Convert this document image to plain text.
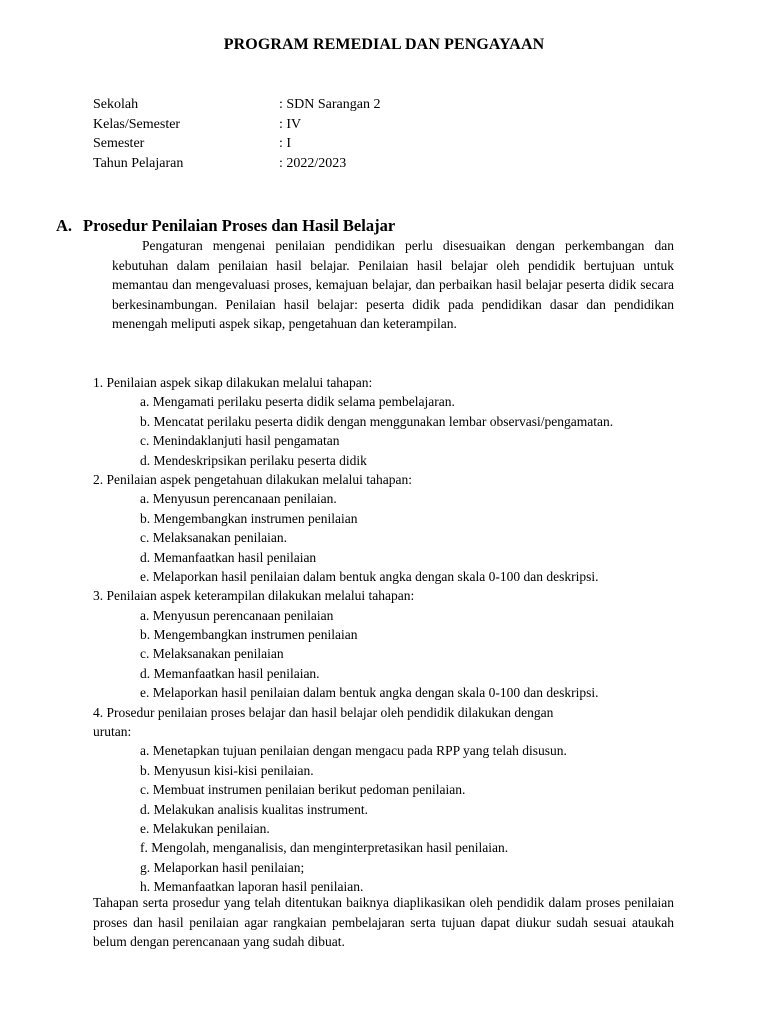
PROGRAM REMEDIAL DAN PENGAYAAN
Sekolah	: SDN Sarangan 2
Kelas/Semester	: IV
Semester	: I
Tahun Pelajaran	: 2022/2023
A. Prosedur Penilaian Proses dan Hasil Belajar
Pengaturan mengenai penilaian pendidikan perlu disesuaikan dengan perkembangan dan kebutuhan dalam penilaian hasil belajar. Penilaian hasil belajar oleh pendidik bertujuan untuk memantau dan mengevaluasi proses, kemajuan belajar, dan perbaikan hasil belajar peserta didik secara berkesinambungan. Penilaian hasil belajar: peserta didik pada pendidikan dasar dan pendidikan menengah meliputi aspek sikap, pengetahuan dan keterampilan.
1. Penilaian aspek sikap dilakukan melalui tahapan:
a. Mengamati perilaku peserta didik selama pembelajaran.
b. Mencatat perilaku peserta didik dengan menggunakan lembar observasi/pengamatan.
c. Menindaklanjuti hasil pengamatan
d. Mendeskripsikan perilaku peserta didik
2. Penilaian aspek pengetahuan dilakukan melalui tahapan:
a. Menyusun perencanaan penilaian.
b. Mengembangkan instrumen penilaian
c. Melaksanakan penilaian.
d. Memanfaatkan hasil penilaian
e. Melaporkan hasil penilaian dalam bentuk angka dengan skala 0-100 dan deskripsi.
3. Penilaian aspek keterampilan dilakukan melalui tahapan:
a. Menyusun perencanaan penilaian
b. Mengembangkan instrumen penilaian
c. Melaksanakan penilaian
d. Memanfaatkan hasil penilaian.
e. Melaporkan hasil penilaian dalam bentuk angka dengan skala 0-100 dan deskripsi.
4. Prosedur penilaian proses belajar dan hasil belajar oleh pendidik dilakukan dengan
urutan:
a. Menetapkan tujuan penilaian dengan mengacu pada RPP yang telah disusun.
b. Menyusun kisi-kisi penilaian.
c. Membuat instrumen penilaian berikut pedoman penilaian.
d. Melakukan analisis kualitas instrument.
e. Melakukan penilaian.
f. Mengolah, menganalisis, dan menginterpretasikan hasil penilaian.
g. Melaporkan hasil penilaian;
h. Memanfaatkan laporan hasil penilaian.
Tahapan serta prosedur yang telah ditentukan baiknya diaplikasikan oleh pendidik dalam proses penilaian proses dan hasil penilaian agar rangkaian pembelajaran serta tujuan dapat diukur sudah sesuai ataukah belum dengan perencanaan yang sudah dibuat.
